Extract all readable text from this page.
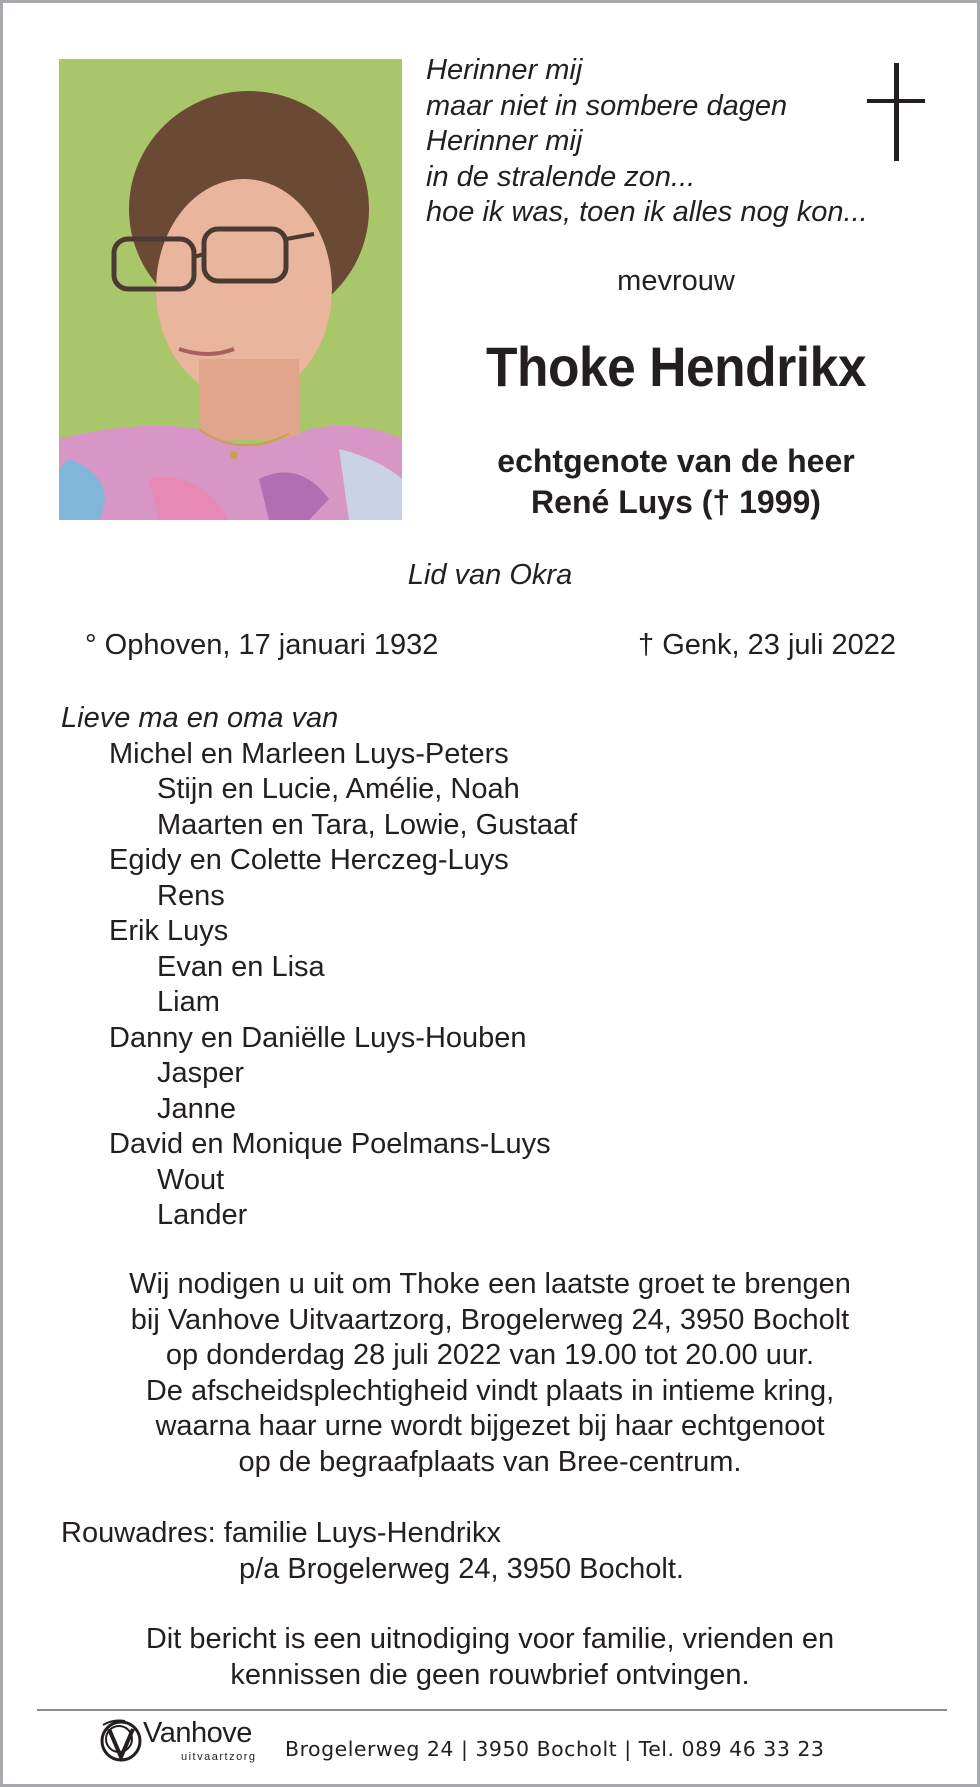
Herinner mij
maar niet in sombere dagen
Herinner mij
in de stralende zon...
hoe ik was, toen ik alles nog kon...
mevrouw
Thoke Hendrikx
echtgenote van de heer
René Luys († 1999)
Lid van Okra
° Ophoven, 17 januari 1932	† Genk, 23 juli 2022
Lieve ma en oma van
Michel en Marleen Luys-Peters
Stijn en Lucie, Amélie, Noah
Maarten en Tara, Lowie, Gustaaf
Egidy en Colette Herczeg-Luys
Rens
Erik Luys
Evan en Lisa
Liam
Danny en Daniëlle Luys-Houben
Jasper
Janne
David en Monique Poelmans-Luys
Wout
Lander
Wij nodigen u uit om Thoke een laatste groet te brengen
bij Vanhove Uitvaartzorg, Brogelerweg 24, 3950 Bocholt
op donderdag 28 juli 2022 van 19.00 tot 20.00 uur.
De afscheidsplechtigheid vindt plaats in intieme kring,
waarna haar urne wordt bijgezet bij haar echtgenoot
op de begraafplaats van Bree-centrum.
Rouwadres: familie Luys-Hendrikx
p/a Brogelerweg 24, 3950 Bocholt.
Dit bericht is een uitnodiging voor familie, vrienden en
kennissen die geen rouwbrief ontvingen.
Vanhove
uitvaartzorg Brogelerweg 24 | 3950 Bocholt | Tel. 089 46 33 23
